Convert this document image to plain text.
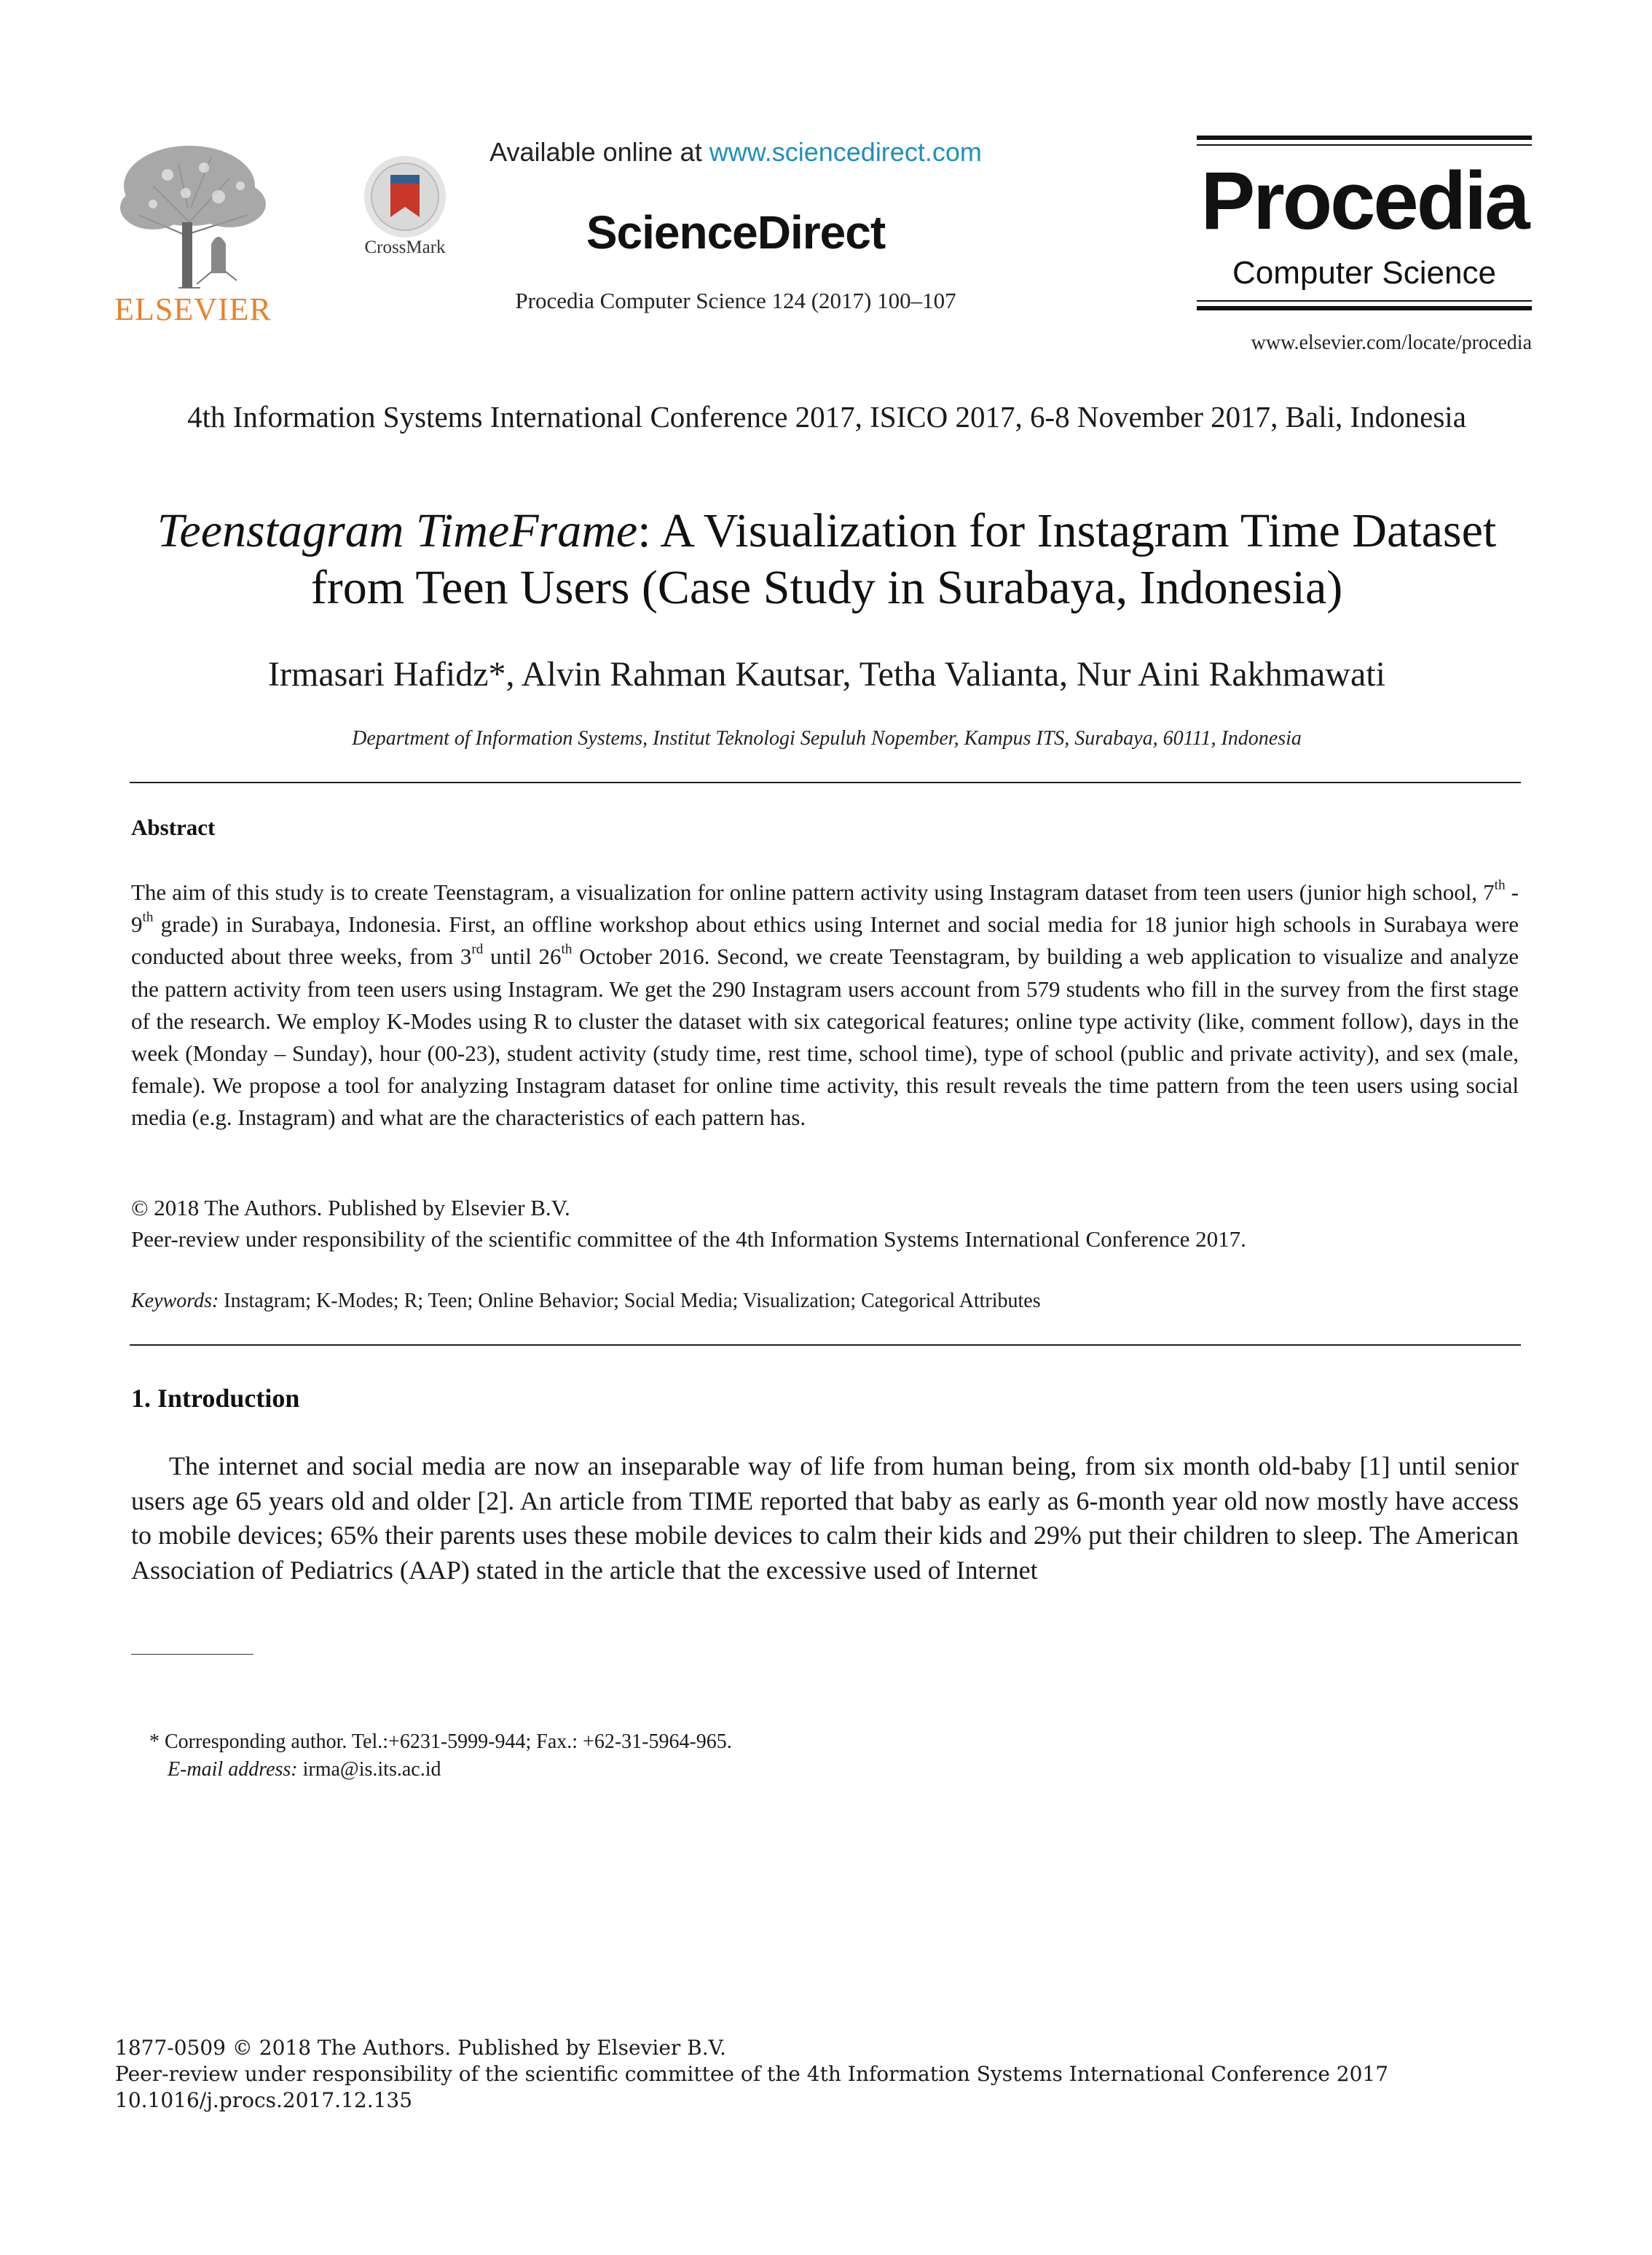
ELSEVIER
CrossMark
Available online at www.sciencedirect.com
ScienceDirect
Procedia Computer Science 124 (2017) 100–107
Procedia
Computer Science
www.elsevier.com/locate/procedia
4th Information Systems International Conference 2017, ISICO 2017, 6-8 November 2017, Bali, Indonesia
Teenstagram TimeFrame: A Visualization for Instagram Time Dataset from Teen Users (Case Study in Surabaya, Indonesia)
Irmasari Hafidz*, Alvin Rahman Kautsar, Tetha Valianta, Nur Aini Rakhmawati
Department of Information Systems, Institut Teknologi Sepuluh Nopember, Kampus ITS, Surabaya, 60111, Indonesia
Abstract
The aim of this study is to create Teenstagram, a visualization for online pattern activity using Instagram dataset from teen users (junior high school, 7th - 9th grade) in Surabaya, Indonesia. First, an offline workshop about ethics using Internet and social media for 18 junior high schools in Surabaya were conducted about three weeks, from 3rd until 26th October 2016. Second, we create Teenstagram, by building a web application to visualize and analyze the pattern activity from teen users using Instagram. We get the 290 Instagram users account from 579 students who fill in the survey from the first stage of the research. We employ K-Modes using R to cluster the dataset with six categorical features; online type activity (like, comment follow), days in the week (Monday – Sunday), hour (00-23), student activity (study time, rest time, school time), type of school (public and private activity), and sex (male, female). We propose a tool for analyzing Instagram dataset for online time activity, this result reveals the time pattern from the teen users using social media (e.g. Instagram) and what are the characteristics of each pattern has.
© 2018 The Authors. Published by Elsevier B.V.
Peer-review under responsibility of the scientific committee of the 4th Information Systems International Conference 2017.
Keywords: Instagram; K-Modes; R; Teen; Online Behavior; Social Media; Visualization; Categorical Attributes
1. Introduction
The internet and social media are now an inseparable way of life from human being, from six month old-baby [1] until senior users age 65 years old and older [2]. An article from TIME reported that baby as early as 6-month year old now mostly have access to mobile devices; 65% their parents uses these mobile devices to calm their kids and 29% put their children to sleep. The American Association of Pediatrics (AAP) stated in the article that the excessive used of Internet
* Corresponding author. Tel.:+6231-5999-944; Fax.: +62-31-5964-965.
E-mail address: irma@is.its.ac.id
1877-0509 © 2018 The Authors. Published by Elsevier B.V.
Peer-review under responsibility of the scientific committee of the 4th Information Systems International Conference 2017
10.1016/j.procs.2017.12.135
